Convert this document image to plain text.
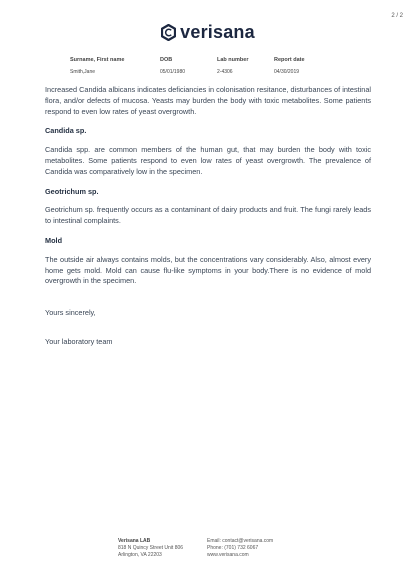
2 / 2
verisana
Surname, First name	DOB	Lab number	Report date
Smith,Jane	05/01/1980	2-4306	04/30/2019

Increased Candida albicans indicates deficiancies in colonisation resitance, disturbances of intestinal flora, and/or defects of mucosa. Yeasts may burden the body with toxic metabolites. Some patients respond to even low rates of yeast overgrowth.

Candida sp.

Candida spp. are common members of the human gut, that may burden the body with toxic metabolites. Some patients respond to even low rates of yeast overgrowth. The prevalence of Candida was comparatively low in the specimen.

Geotrichum sp.

Geotrichum sp. frequently occurs as a contaminant of dairy products and fruit. The fungi rarely leads to intestinal complaints.

Mold

The outside air always contains molds, but the concentrations vary considerably. Also, almost every home gets mold. Mold can cause flu-like symptoms in your body.There is no evidence of mold overgrowth in the specimen.

Yours sincerely,
Your laboratory team
Verisana LAB
818 N Quincy Street Unit 806
Arlington, VA 22203
Email: contact@verisana.com
Phone: (701) 732 6067
www.verisana.com
